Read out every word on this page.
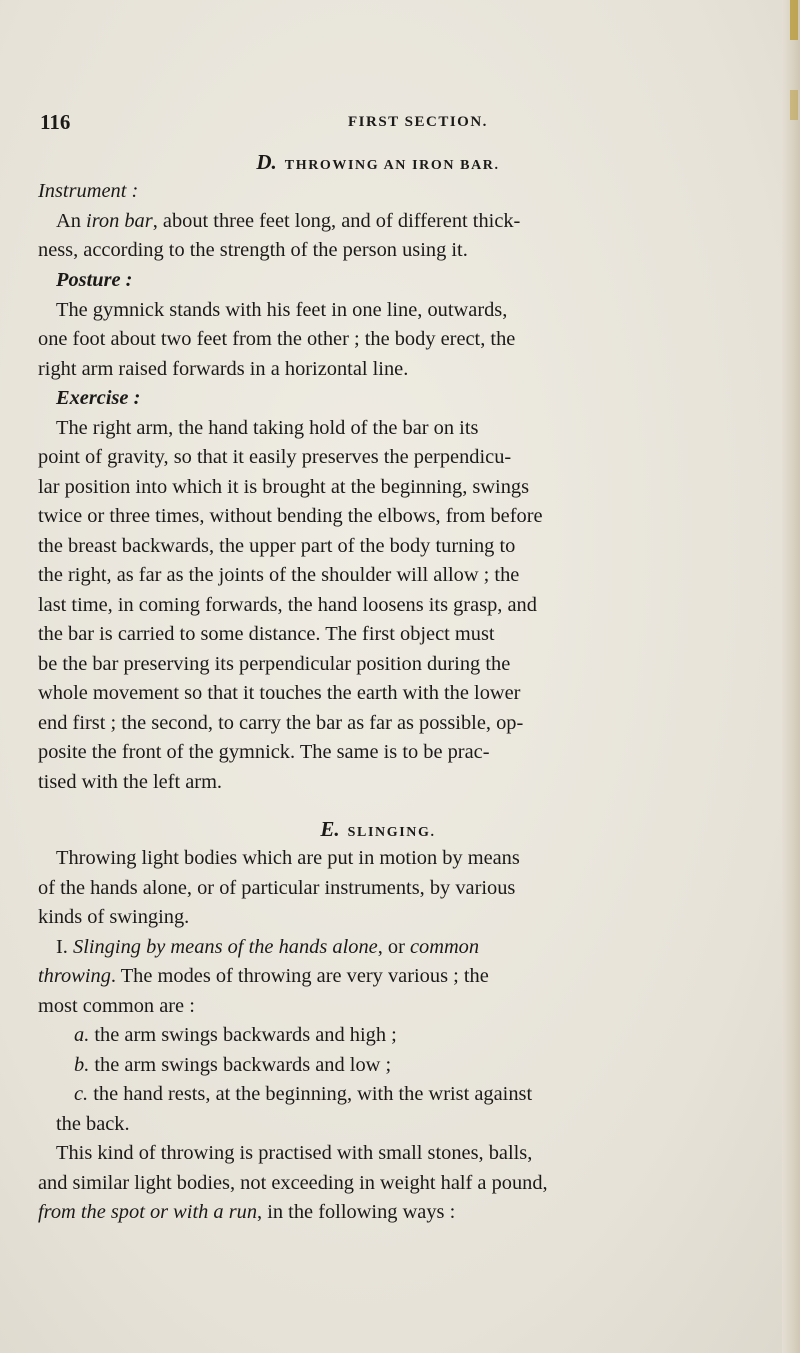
116	FIRST SECTION.
D. THROWING AN IRON BAR.
Instrument :
An iron bar, about three feet long, and of different thick-
ness, according to the strength of the person using it.
Posture :
The gymnick stands with his feet in one line, outwards,
one foot about two feet from the other ; the body erect, the
right arm raised forwards in a horizontal line.
Exercise :
The right arm, the hand taking hold of the bar on its
point of gravity, so that it easily preserves the perpendicu-
lar position into which it is brought at the beginning, swings
twice or three times, without bending the elbows, from before
the breast backwards, the upper part of the body turning to
the right, as far as the joints of the shoulder will allow ; the
last time, in coming forwards, the hand loosens its grasp, and
the bar is carried to some distance. The first object must
be the bar preserving its perpendicular position during the
whole movement so that it touches the earth with the lower
end first ; the second, to carry the bar as far as possible, op-
posite the front of the gymnick. The same is to be prac-
tised with the left arm.
E. SLINGING.
Throwing light bodies which are put in motion by means
of the hands alone, or of particular instruments, by various
kinds of swinging.
I. Slinging by means of the hands alone, or common
throwing. The modes of throwing are very various ; the
most common are :
a. the arm swings backwards and high ;
b. the arm swings backwards and low ;
c. the hand rests, at the beginning, with the wrist against
the back.
This kind of throwing is practised with small stones, balls,
and similar light bodies, not exceeding in weight half a pound,
from the spot or with a run, in the following ways :
